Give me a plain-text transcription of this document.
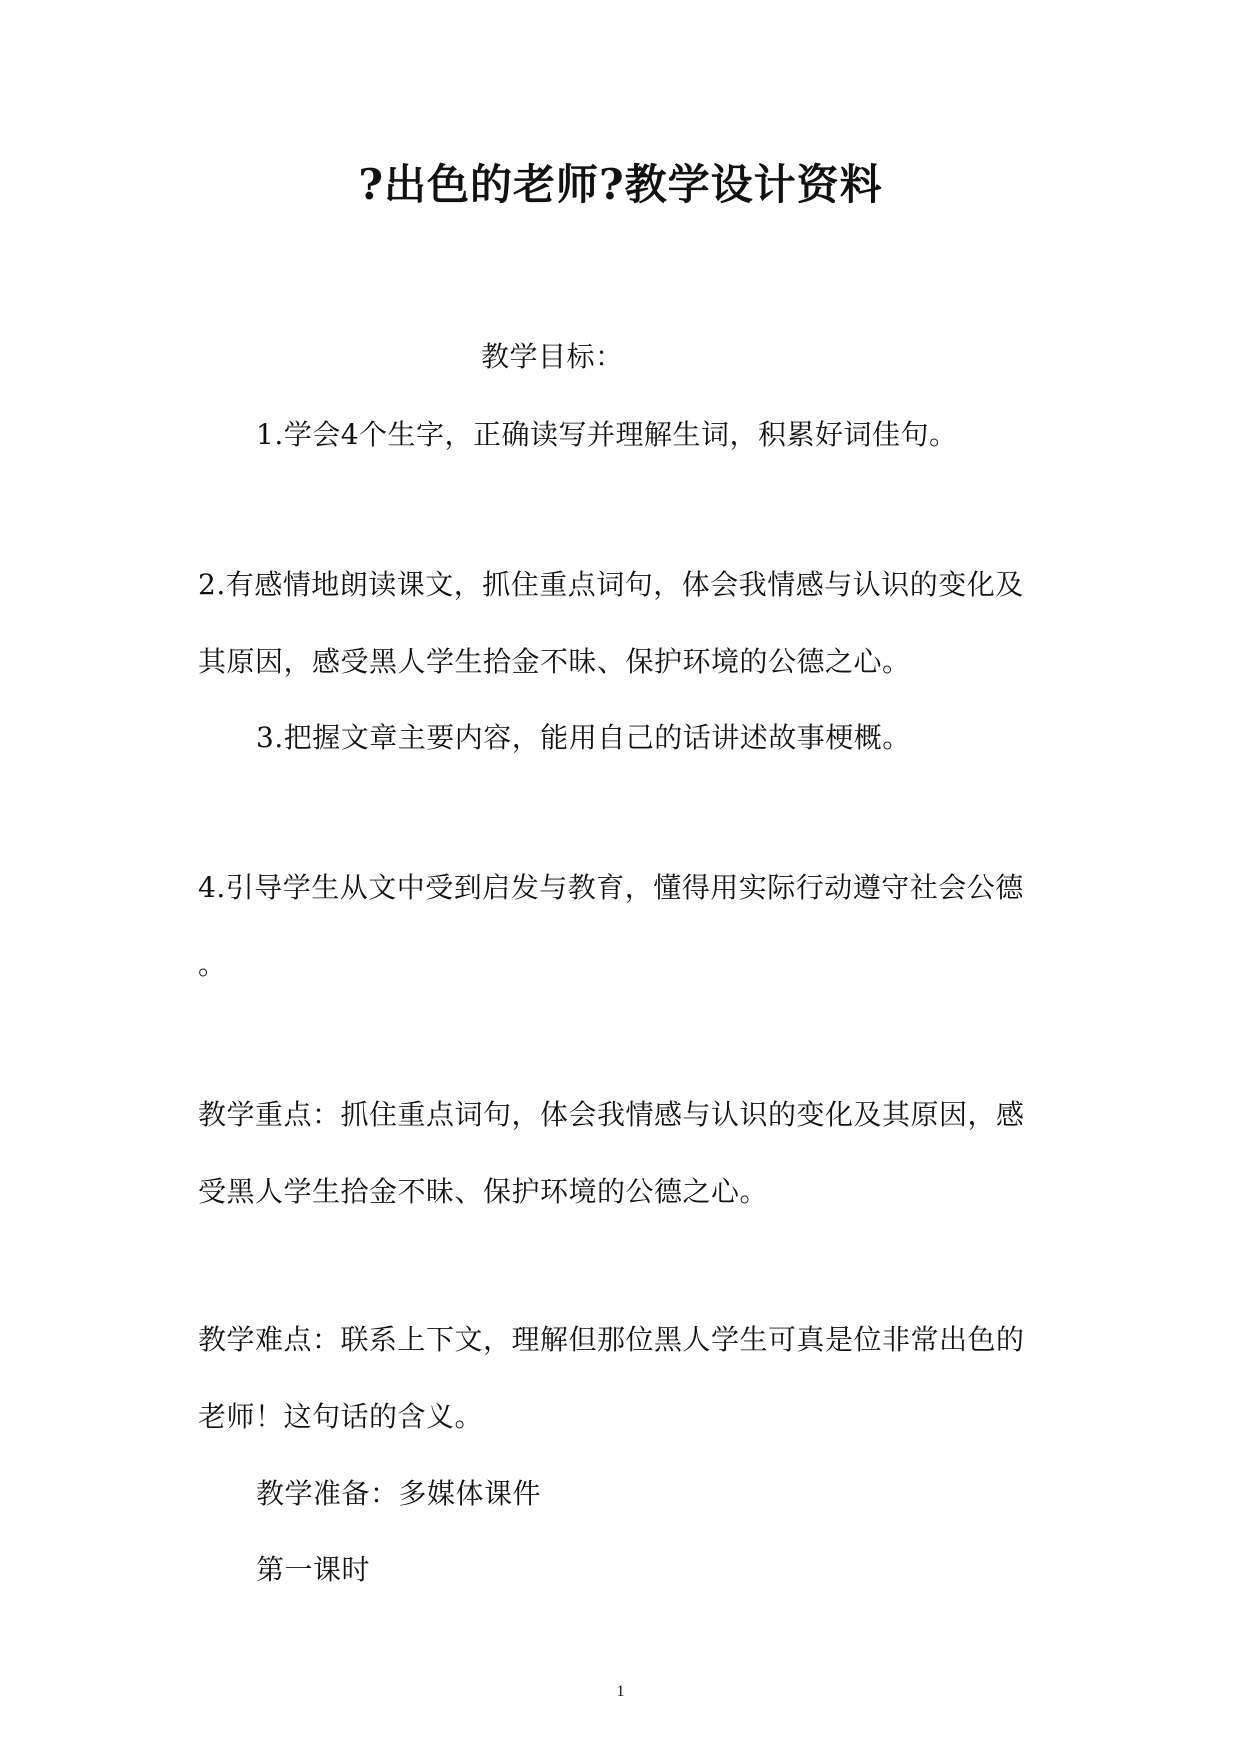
?出色的老师?教学设计资料
教学目标：
1.学会4个生字，正确读写并理解生词，积累好词佳句。
2.有感情地朗读课文，抓住重点词句，体会我情感与认识的变化及
其原因，感受黑人学生拾金不昧、保护环境的公德之心。
3.把握文章主要内容，能用自己的话讲述故事梗概。
4.引导学生从文中受到启发与教育，懂得用实际行动遵守社会公德
。
教学重点：抓住重点词句，体会我情感与认识的变化及其原因，感
受黑人学生拾金不昧、保护环境的公德之心。
教学难点：联系上下文，理解但那位黑人学生可真是位非常出色的
老师！这句话的含义。
教学准备：多媒体课件
第一课时
1
